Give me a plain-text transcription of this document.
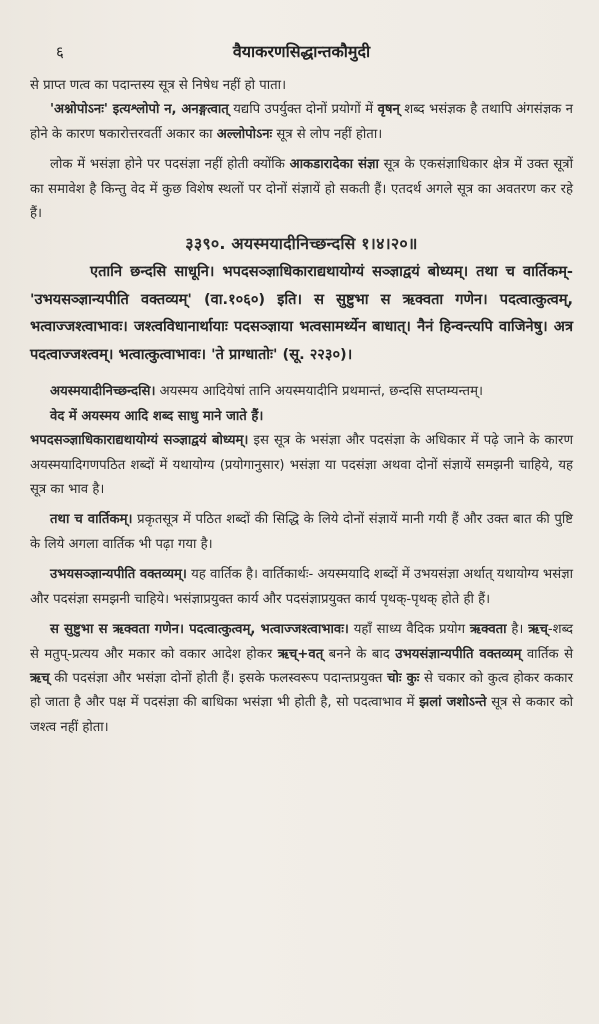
६	वैयाकरणसिद्धान्तकौमुदी

से प्राप्त णत्व का पदान्तस्य सूत्र से निषेध नहीं हो पाता।

'अश्नोपोऽनः' इत्यश्लोपो न, अनङ्गत्वात् यद्यपि उपर्युक्त दोनों प्रयोगों में वृषन् शब्द भसंज्ञक है तथापि अंगसंज्ञक न होने के कारण षकारोत्तरवर्ती अकार का अल्लोपोऽनः सूत्र से लोप नहीं होता।

लोक में भसंज्ञा होने पर पदसंज्ञा नहीं होती क्योंकि आकडारादेका संज्ञा सूत्र के एकसंज्ञाधिकार क्षेत्र में उक्त सूत्रों का समावेश है किन्तु वेद में कुछ विशेष स्थलों पर दोनों संज्ञायें हो सकती हैं। एतदर्थ अगले सूत्र का अवतरण कर रहे हैं।

३३९०. अयस्मयादीनिच्छन्दसि १।४।२०॥

एतानि छन्दसि साधूनि। भपदसञ्ज्ञाधिकाराद्यथायोग्यं सञ्ज्ञाद्वयं बोध्यम्। तथा च वार्तिकम्- 'उभयसञ्ज्ञान्यपीति वक्तव्यम्' (वा.१०६०) इति। स सुष्टुभा स ऋक्वता गणेन। पदत्वात्कुत्वम्, भत्वाज्जश्त्वाभावः। जश्त्वविधानार्थायाः पदसञ्ज्ञाया भत्वसामर्थ्येन बाधात्। नैनं हिन्वन्त्यपि वाजिनेषु। अत्र पदत्वाज्जश्त्वम्। भत्वात्कुत्वाभावः। 'ते प्राग्धातोः' (सू. २२३०)।

अयस्मयादीनिच्छन्दसि। अयस्मय आदियेषां तानि अयस्मयादीनि प्रथमान्तं, छन्दसि सप्तम्यन्तम्।

वेद में अयस्मय आदि शब्द साधु माने जाते हैं।

भपदसञ्ज्ञाधिकाराद्यथायोग्यं सञ्ज्ञाद्वयं बोध्यम्। इस सूत्र के भसंज्ञा और पदसंज्ञा के अधिकार में पढ़े जाने के कारण अयस्मयादिगणपठित शब्दों में यथायोग्य (प्रयोगानुसार) भसंज्ञा या पदसंज्ञा अथवा दोनों संज्ञायें समझनी चाहिये, यह सूत्र का भाव है।

तथा च वार्तिकम्। प्रकृतसूत्र में पठित शब्दों की सिद्धि के लिये दोनों संज्ञायें मानी गयी हैं और उक्त बात की पुष्टि के लिये अगला वार्तिक भी पढ़ा गया है।

उभयसञ्ज्ञान्यपीति वक्तव्यम्। यह वार्तिक है। वार्तिकार्थः- अयस्मयादि शब्दों में उभयसंज्ञा अर्थात् यथायोग्य भसंज्ञा और पदसंज्ञा समझनी चाहिये। भसंज्ञाप्रयुक्त कार्य और पदसंज्ञाप्रयुक्त कार्य पृथक्-पृथक् होते ही हैं।

स सुष्टुभा स ऋक्वता गणेन। पदत्वात्कुत्वम्, भत्वाज्जश्त्वाभावः। यहाँ साध्य वैदिक प्रयोग ऋक्वता है। ऋच्-शब्द से मतुप्-प्रत्यय और मकार को वकार आदेश होकर ऋच्+वत् बनने के बाद उभयसंज्ञान्यपीति वक्तव्यम् वार्तिक से ऋच् की पदसंज्ञा और भसंज्ञा दोनों होती हैं। इसके फलस्वरूप पदान्तप्रयुक्त चोः कुः से चकार को कुत्व होकर ककार हो जाता है और पक्ष में पदसंज्ञा की बाधिका भसंज्ञा भी होती है, सो पदत्वाभाव में झलां जशोऽन्ते सूत्र से ककार को जश्त्व नहीं होता।
